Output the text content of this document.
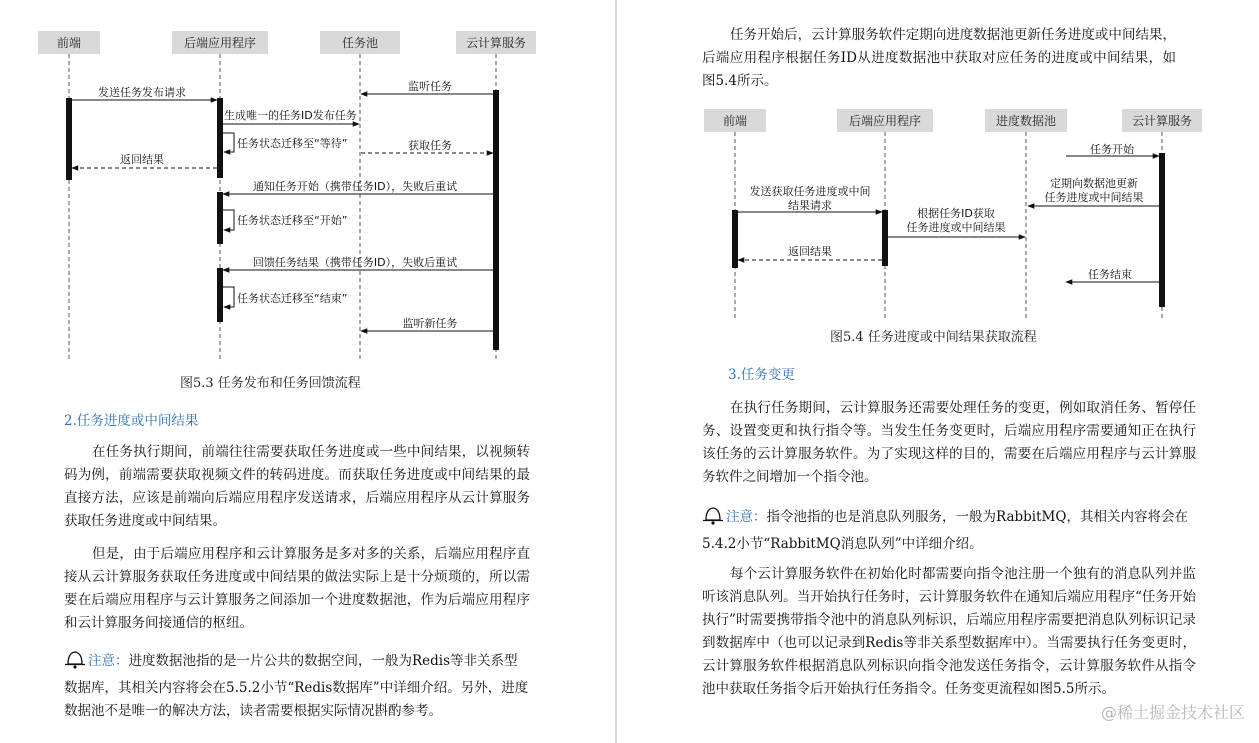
前端	后端应用程序	任务池	云计算服务
监听任务
发送任务发布请求
生成唯一的任务ID发布任务
任务状态迁移至“等待”	获取任务
返回结果
通知任务开始（携带任务ID），失败后重试
任务状态迁移至“开始”
回馈任务结果（携带任务ID），失败后重试
任务状态迁移至“结束”
监听新任务
图5.3 任务发布和任务回馈流程
2.任务进度或中间结果

在任务执行期间，前端往往需要获取任务进度或一些中间结果，以视频转码为例，前端需要获取视频文件的转码进度。而获取任务进度或中间结果的最直接方法，应该是前端向后端应用程序发送请求，后端应用程序从云计算服务获取任务进度或中间结果。

但是，由于后端应用程序和云计算服务是多对多的关系，后端应用程序直接从云计算服务获取任务进度或中间结果的做法实际上是十分烦琐的，所以需要在后端应用程序与云计算服务之间添加一个进度数据池，作为后端应用程序和云计算服务间接通信的枢纽。

注意：进度数据池指的是一片公共的数据空间，一般为Redis等非关系型数据库，其相关内容将会在5.5.2小节“Redis数据库”中详细介绍。另外，进度数据池不是唯一的解决方法，读者需要根据实际情况斟酌参考。

任务开始后，云计算服务软件定期向进度数据池更新任务进度或中间结果，后端应用程序根据任务ID从进度数据池中获取对应任务的进度或中间结果，如图5.4所示。

前端	后端应用程序	进度数据池	云计算服务
任务开始
定期向数据池更新
任务进度或中间结果
发送获取任务进度或中间
结果请求
根据任务ID获取
任务进度或中间结果
返回结果
任务结束
图5.4 任务进度或中间结果获取流程
3.任务变更

在执行任务期间，云计算服务还需要处理任务的变更，例如取消任务、暂停任务、设置变更和执行指令等。当发生任务变更时，后端应用程序需要通知正在执行该任务的云计算服务软件。为了实现这样的目的，需要在后端应用程序与云计算服务软件之间增加一个指令池。

注意：指令池指的也是消息队列服务，一般为RabbitMQ，其相关内容将会在5.4.2小节“RabbitMQ消息队列”中详细介绍。

每个云计算服务软件在初始化时都需要向指令池注册一个独有的消息队列并监听该消息队列。当开始执行任务时，云计算服务软件在通知后端应用程序“任务开始执行”时需要携带指令池中的消息队列标识，后端应用程序需要把消息队列标识记录到数据库中（也可以记录到Redis等非关系型数据库中）。当需要执行任务变更时，云计算服务软件根据消息队列标识向指令池发送任务指令，云计算服务软件从指令池中获取任务指令后开始执行任务指令。任务变更流程如图5.5所示。

@稀土掘金技术社区
